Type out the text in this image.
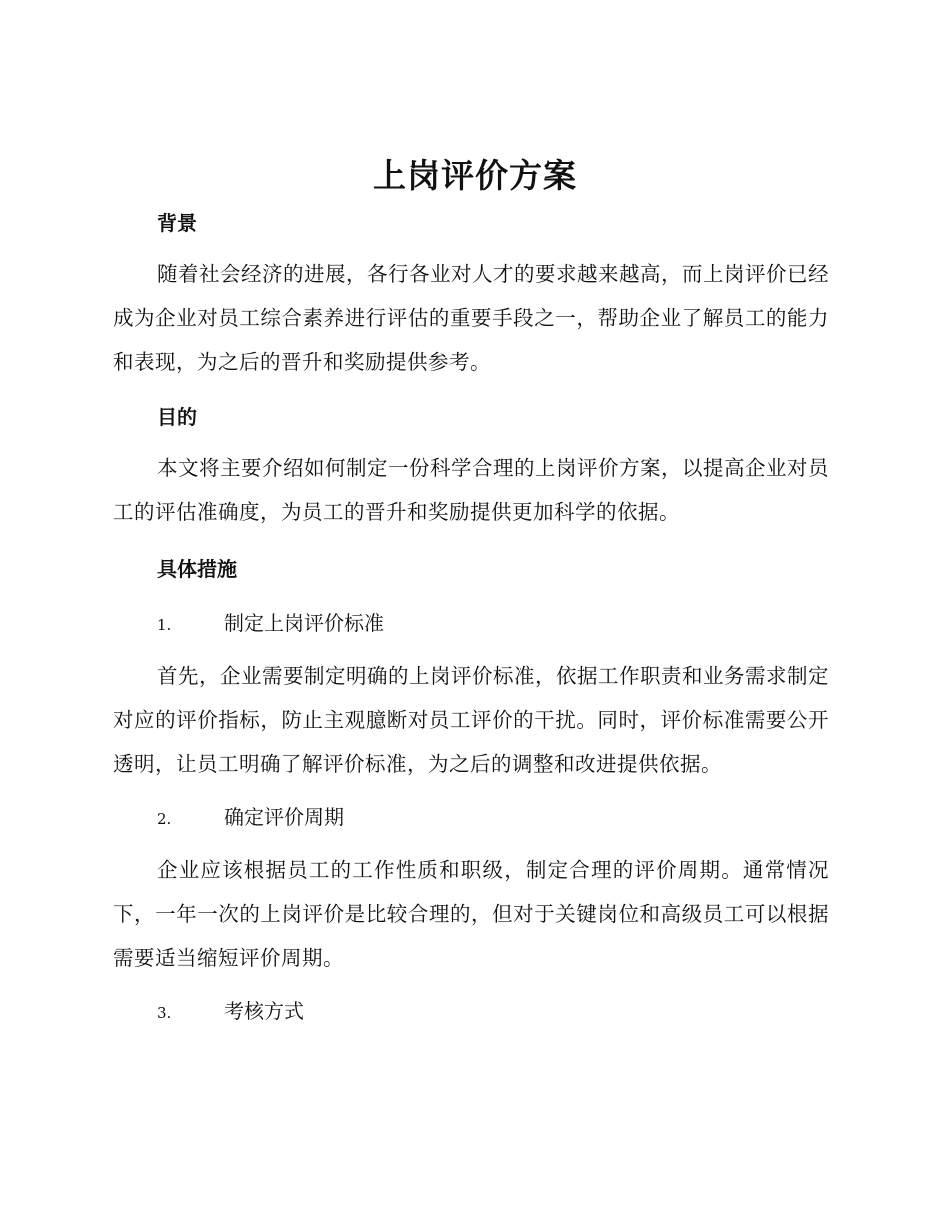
上岗评价方案
背景

随着社会经济的进展，各行各业对人才的要求越来越高，而上岗评价已经成为企业对员工综合素养进行评估的重要手段之一，帮助企业了解员工的能力和表现，为之后的晋升和奖励提供参考。

目的

本文将主要介绍如何制定一份科学合理的上岗评价方案，以提高企业对员工的评估准确度，为员工的晋升和奖励提供更加科学的依据。

具体措施
1.	制定上岗评价标准

首先，企业需要制定明确的上岗评价标准，依据工作职责和业务需求制定对应的评价指标，防止主观臆断对员工评价的干扰。同时，评价标准需要公开透明，让员工明确了解评价标准，为之后的调整和改进提供依据。

2.	确定评价周期

企业应该根据员工的工作性质和职级，制定合理的评价周期。通常情况下，一年一次的上岗评价是比较合理的，但对于关键岗位和高级员工可以根据需要适当缩短评价周期。

3.	考核方式
